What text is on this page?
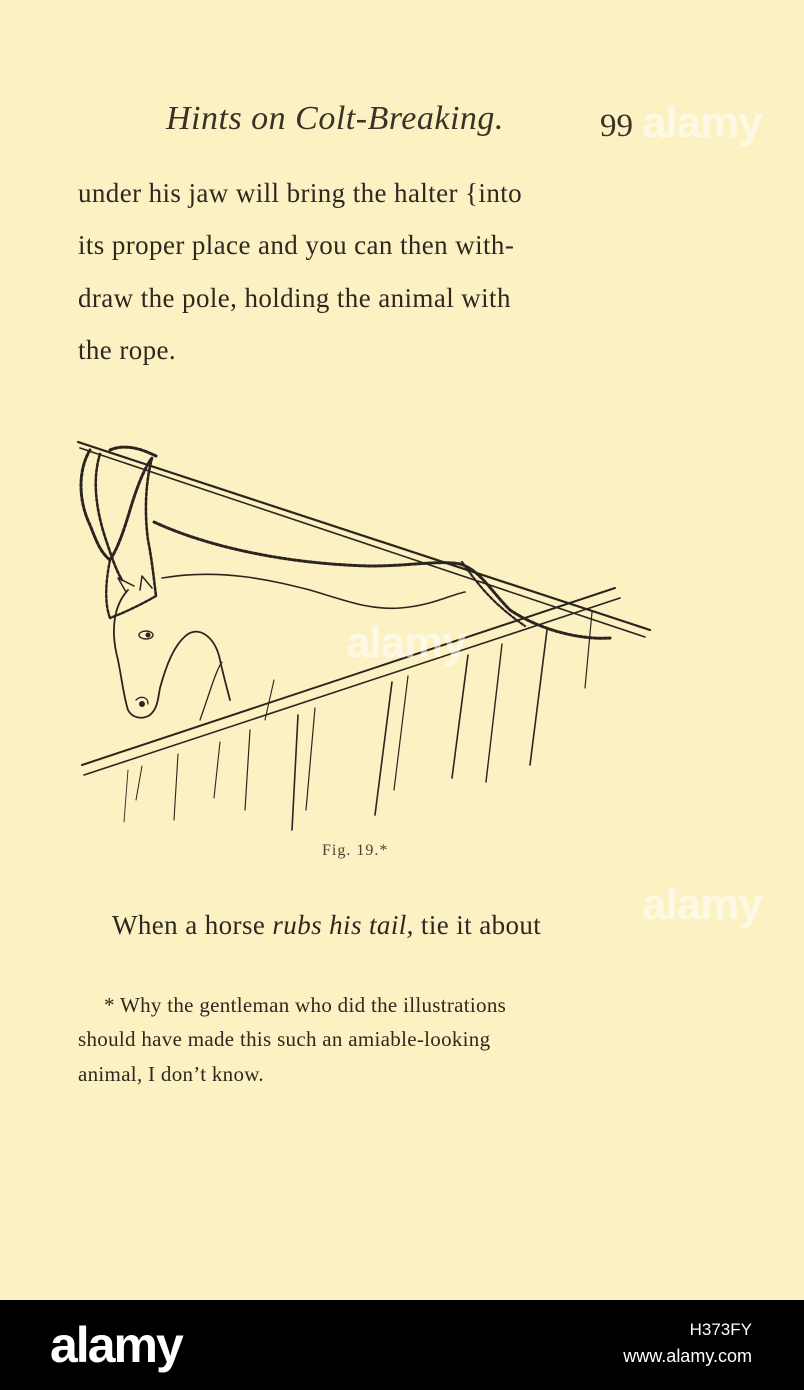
Hints on Colt-Breaking.	99
under his jaw will bring the halter {into
its proper place and you can then with-
draw the pole, holding the animal with
the rope.
Fig. 19.*
When a horse rubs his tail, tie it about
* Why the gentleman who did the illustrations
should have made this such an amiable-looking
animal, I don’t know.
alamy
alamy
alamy
alamy	H373FY
www.alamy.com
